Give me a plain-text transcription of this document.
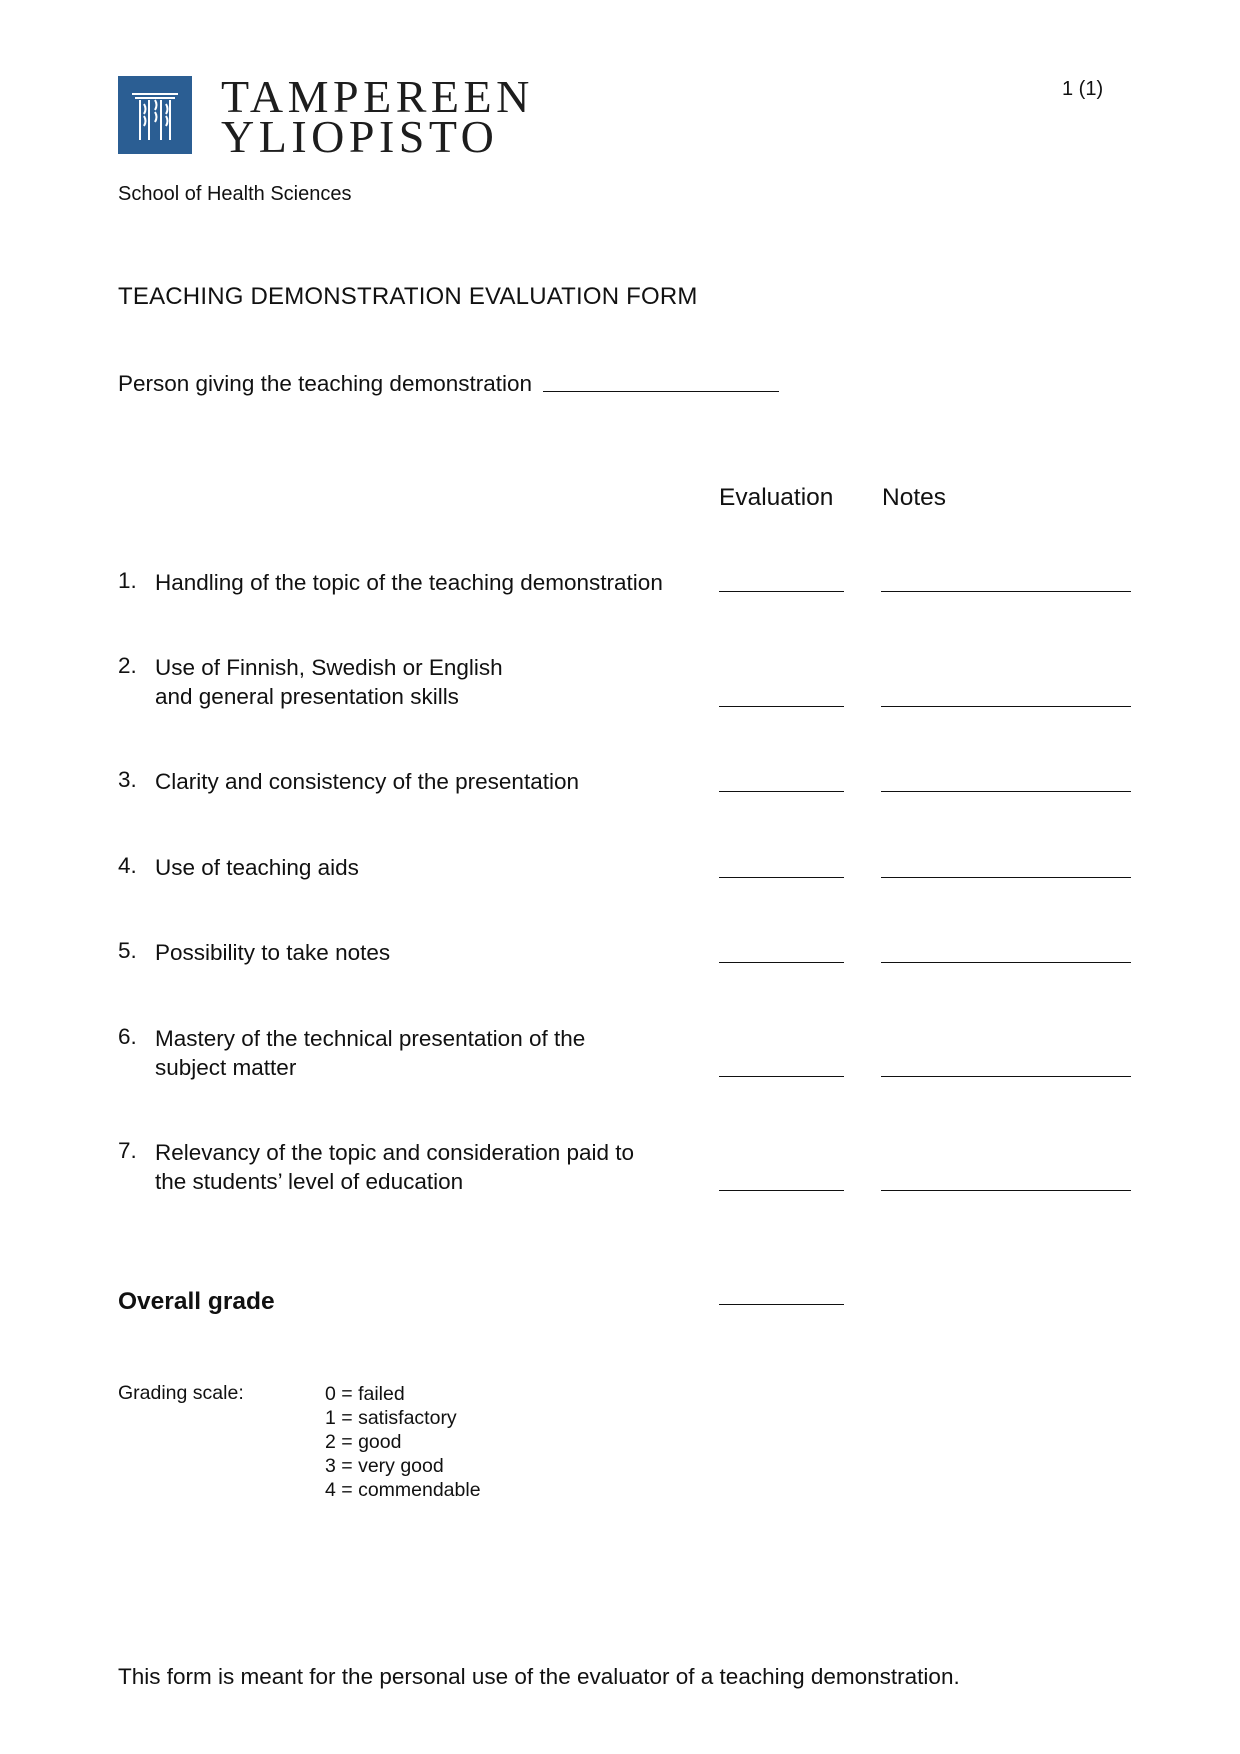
TAMPEREEN
YLIOPISTO
1 (1)
School of Health Sciences
TEACHING DEMONSTRATION EVALUATION FORM
Person giving the teaching demonstration
Evaluation Notes
1. Handling of the topic of the teaching demonstration
2. Use of Finnish, Swedish or English
and general presentation skills
3. Clarity and consistency of the presentation
4. Use of teaching aids
5. Possibility to take notes
6. Mastery of the technical presentation of the
subject matter
7. Relevancy of the topic and consideration paid to
the students’ level of education
Overall grade
Grading scale:	0 = failed
1 = satisfactory
2 = good
3 = very good
4 = commendable
This form is meant for the personal use of the evaluator of a teaching demonstration.
